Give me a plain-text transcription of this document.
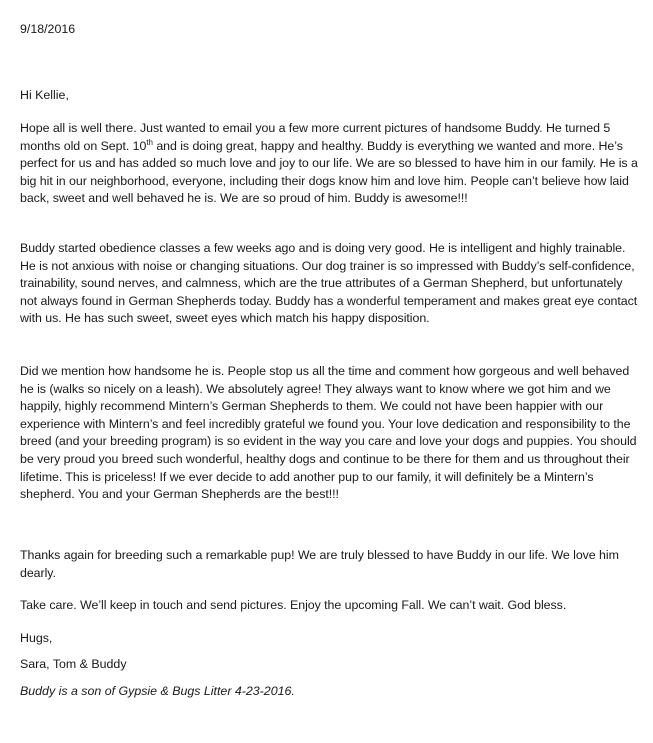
9/18/2016
Hi Kellie,

Hope all is well there. Just wanted to email you a few more current pictures of handsome Buddy. He turned 5 months old on Sept. 10th and is doing great, happy and healthy. Buddy is everything we wanted and more. He’s perfect for us and has added so much love and joy to our life. We are so blessed to have him in our family. He is a big hit in our neighborhood, everyone, including their dogs know him and love him. People can’t believe how laid back, sweet and well behaved he is. We are so proud of him. Buddy is awesome!!!

Buddy started obedience classes a few weeks ago and is doing very good. He is intelligent and highly trainable. He is not anxious with noise or changing situations. Our dog trainer is so impressed with Buddy’s self-confidence, trainability, sound nerves, and calmness, which are the true attributes of a German Shepherd, but unfortunately not always found in German Shepherds today. Buddy has a wonderful temperament and makes great eye contact with us. He has such sweet, sweet eyes which match his happy disposition.

Did we mention how handsome he is. People stop us all the time and comment how gorgeous and well behaved he is (walks so nicely on a leash). We absolutely agree! They always want to know where we got him and we happily, highly recommend Mintern’s German Shepherds to them. We could not have been happier with our experience with Mintern’s and feel incredibly grateful we found you. Your love dedication and responsibility to the breed (and your breeding program) is so evident in the way you care and love your dogs and puppies. You should be very proud you breed such wonderful, healthy dogs and continue to be there for them and us throughout their lifetime. This is priceless! If we ever decide to add another pup to our family, it will definitely be a Mintern’s shepherd. You and your German Shepherds are the best!!!

Thanks again for breeding such a remarkable pup! We are truly blessed to have Buddy in our life. We love him dearly.

Take care. We’ll keep in touch and send pictures. Enjoy the upcoming Fall. We can’t wait. God bless.

Hugs,
Sara, Tom & Buddy
Buddy is a son of Gypsie & Bugs Litter 4-23-2016.
